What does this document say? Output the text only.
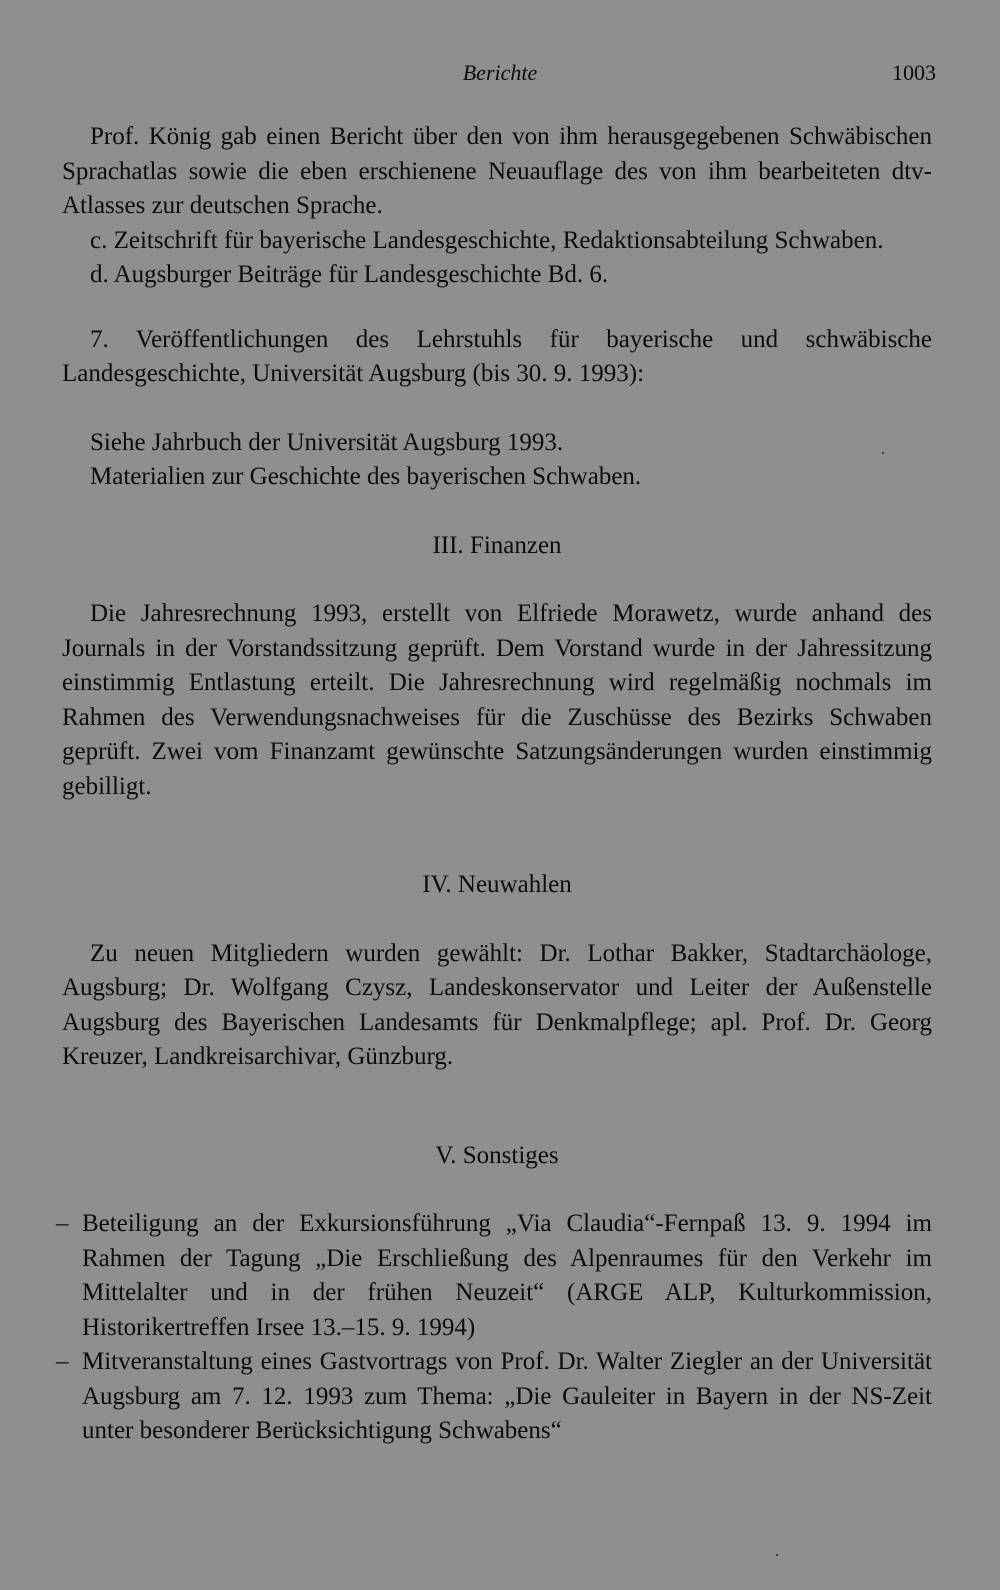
Berichte	1003

Prof. König gab einen Bericht über den von ihm herausgegebenen Schwäbischen Sprachatlas sowie die eben erschienene Neuauflage des von ihm bearbeiteten dtv-Atlasses zur deutschen Sprache.

c. Zeitschrift für bayerische Landesgeschichte, Redaktionsabteilung Schwaben.

d. Augsburger Beiträge für Landesgeschichte Bd. 6.

7. Veröffentlichungen des Lehrstuhls für bayerische und schwäbische Landesgeschichte, Universität Augsburg (bis 30. 9. 1993):

Siehe Jahrbuch der Universität Augsburg 1993.

Materialien zur Geschichte des bayerischen Schwaben.

III. Finanzen

Die Jahresrechnung 1993, erstellt von Elfriede Morawetz, wurde anhand des Journals in der Vorstandssitzung geprüft. Dem Vorstand wurde in der Jahressitzung einstimmig Entlastung erteilt. Die Jahresrechnung wird regelmäßig nochmals im Rahmen des Verwendungsnachweises für die Zuschüsse des Bezirks Schwaben geprüft. Zwei vom Finanzamt gewünschte Satzungsänderungen wurden einstimmig gebilligt.

IV. Neuwahlen

Zu neuen Mitgliedern wurden gewählt: Dr. Lothar Bakker, Stadtarchäologe, Augsburg; Dr. Wolfgang Czysz, Landeskonservator und Leiter der Außenstelle Augsburg des Bayerischen Landesamts für Denkmalpflege; apl. Prof. Dr. Georg Kreuzer, Landkreisarchivar, Günzburg.

V. Sonstiges

– Beteiligung an der Exkursionsführung „Via Claudia“-Fernpaß 13. 9. 1994 im Rahmen der Tagung „Die Erschließung des Alpenraumes für den Verkehr im Mittelalter und in der frühen Neuzeit“ (ARGE ALP, Kulturkommission, Historikertreffen Irsee 13.–15. 9. 1994)
– Mitveranstaltung eines Gastvortrags von Prof. Dr. Walter Ziegler an der Universität Augsburg am 7. 12. 1993 zum Thema: „Die Gauleiter in Bayern in der NS-Zeit unter besonderer Berücksichtigung Schwabens“
